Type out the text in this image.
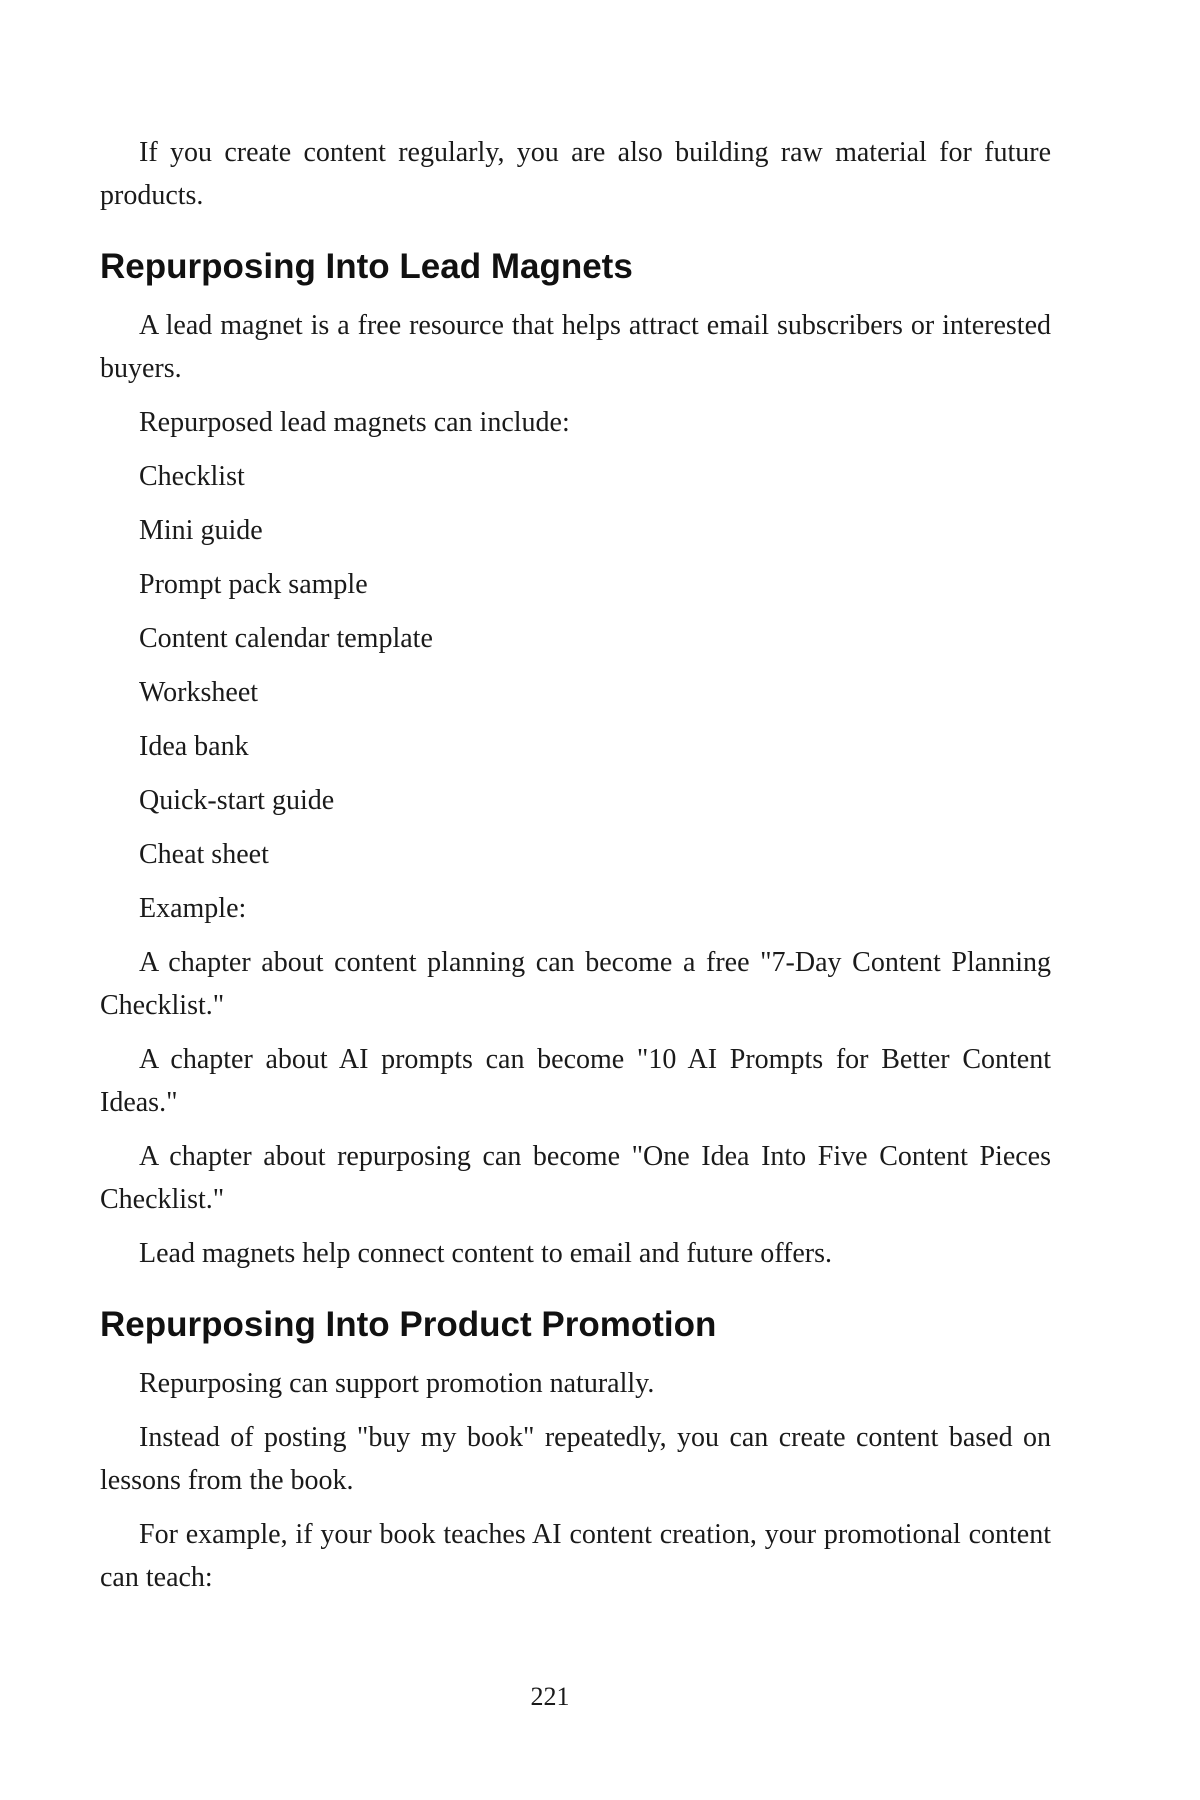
If you create content regularly, you are also building raw material for future products.

Repurposing Into Lead Magnets

A lead magnet is a free resource that helps attract email subscribers or interested buyers.

Repurposed lead magnets can include:

Checklist

Mini guide

Prompt pack sample

Content calendar template

Worksheet

Idea bank

Quick-start guide

Cheat sheet

Example:

A chapter about content planning can become a free "7-Day Content Planning Checklist."

A chapter about AI prompts can become "10 AI Prompts for Better Content Ideas."

A chapter about repurposing can become "One Idea Into Five Content Pieces Checklist."

Lead magnets help connect content to email and future offers.

Repurposing Into Product Promotion

Repurposing can support promotion naturally.

Instead of posting "buy my book" repeatedly, you can create content based on lessons from the book.

For example, if your book teaches AI content creation, your promotional content can teach:

221
